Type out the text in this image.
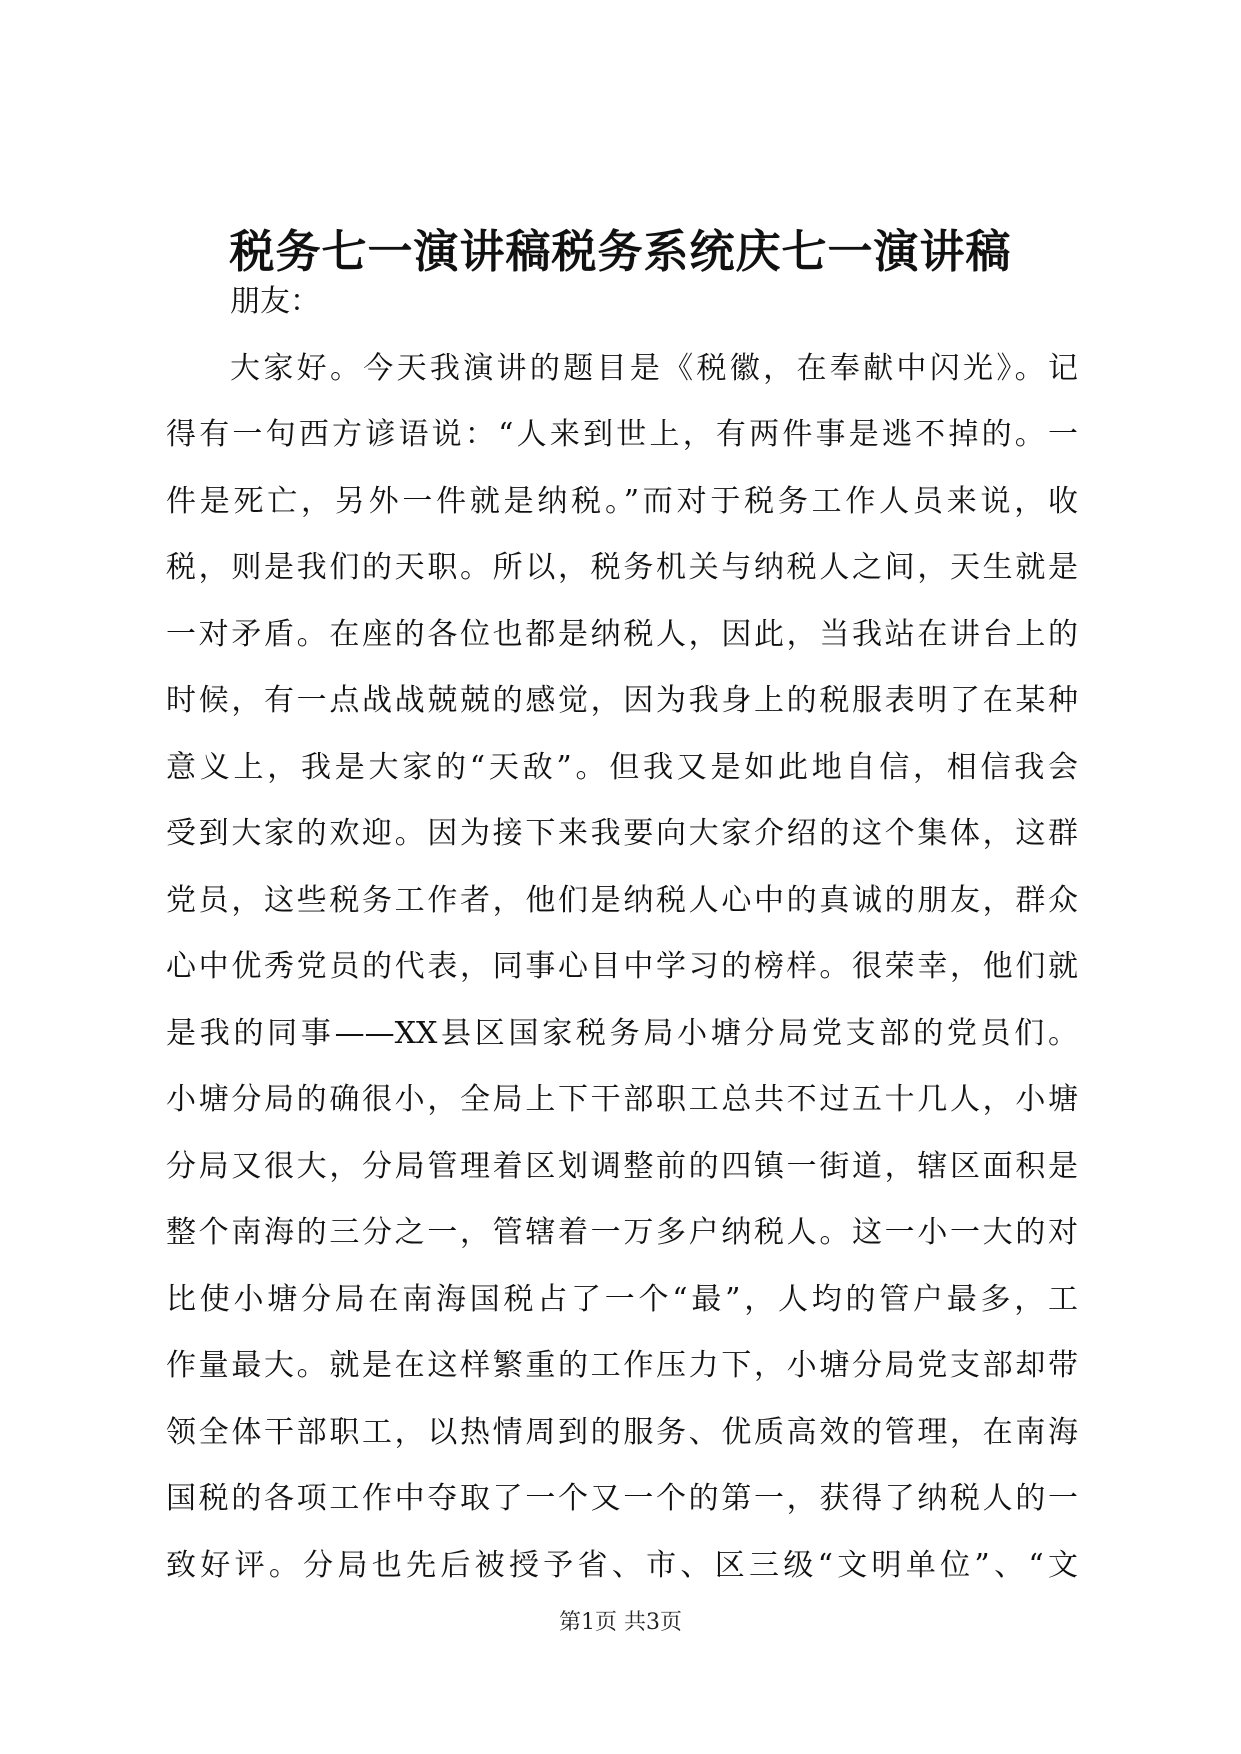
税务七一演讲稿税务系统庆七一演讲稿
朋友：
大家好。今天我演讲的题目是《税徽，在奉献中闪光》。记
得有一句西方谚语说：“人来到世上，有两件事是逃不掉的。一
件是死亡，另外一件就是纳税。”而对于税务工作人员来说，收
税，则是我们的天职。所以，税务机关与纳税人之间，天生就是
一对矛盾。在座的各位也都是纳税人，因此，当我站在讲台上的
时候，有一点战战兢兢的感觉，因为我身上的税服表明了在某种
意义上，我是大家的“天敌”。但我又是如此地自信，相信我会
受到大家的欢迎。因为接下来我要向大家介绍的这个集体，这群
党员，这些税务工作者，他们是纳税人心中的真诚的朋友，群众
心中优秀党员的代表，同事心目中学习的榜样。很荣幸，他们就
是我的同事——XX县区国家税务局小塘分局党支部的党员们。
小塘分局的确很小，全局上下干部职工总共不过五十几人，小塘
分局又很大，分局管理着区划调整前的四镇一街道，辖区面积是
整个南海的三分之一，管辖着一万多户纳税人。这一小一大的对
比使小塘分局在南海国税占了一个“最”，人均的管户最多，工
作量最大。就是在这样繁重的工作压力下，小塘分局党支部却带
领全体干部职工，以热情周到的服务、优质高效的管理，在南海
国税的各项工作中夺取了一个又一个的第一，获得了纳税人的一
致好评。分局也先后被授予省、市、区三级“文明单位”、“文
第1页 共3页
